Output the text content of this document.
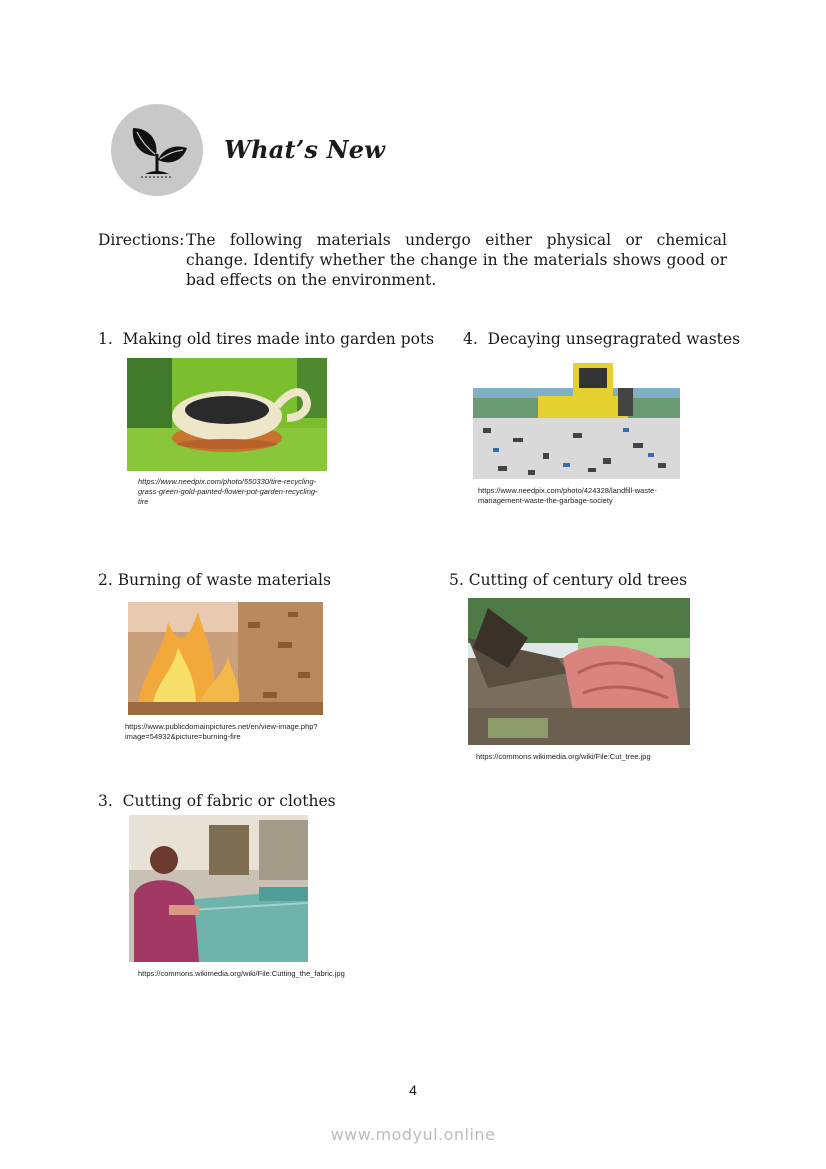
What’s New
Directions: The following materials undergo either physical or chemical change. Identify whether the change in the materials shows good or bad effects on the environment.
1.  Making old tires made into garden pots
https://www.needpix.com/photo/550330/tire-recycling-grass-green-gold-painted-flower-pot-garden-recycling-tire
4.  Decaying unsegragrated wastes
https://www.needpix.com/photo/424328/landfill-waste-management-waste-the-garbage-society
2. Burning of waste materials
https://www.publicdomainpictures.net/en/view-image.php?image=54932&picture=burning-fire
5. Cutting of century old trees
https://commons.wikimedia.org/wiki/File:Cut_tree.jpg
3.  Cutting of fabric or clothes
https://commons.wikimedia.org/wiki/File:Cutting_the_fabric.jpg
4
www.modyul.online
